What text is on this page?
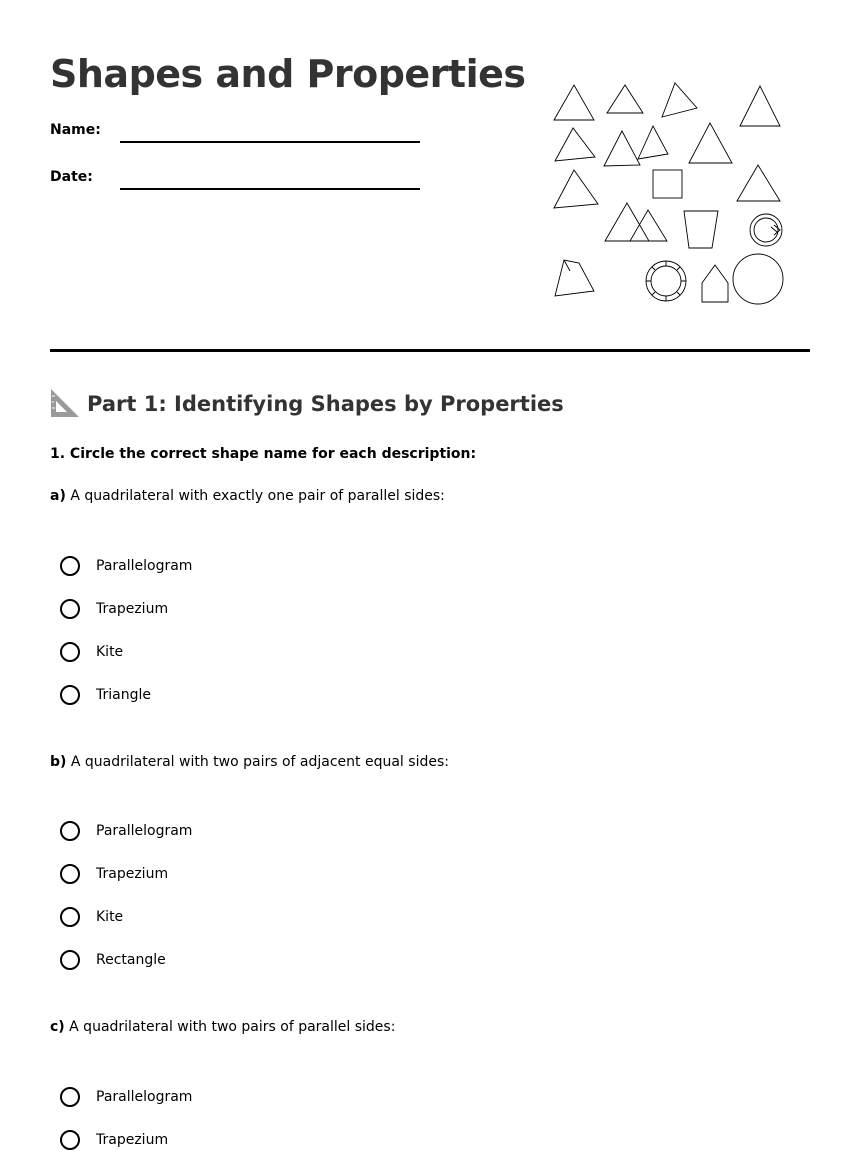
Shapes and Properties
Name:
Date:
Part 1: Identifying Shapes by Properties
1. Circle the correct shape name for each description:
a) A quadrilateral with exactly one pair of parallel sides:
Parallelogram
Trapezium
Kite
Triangle
b) A quadrilateral with two pairs of adjacent equal sides:
Parallelogram
Trapezium
Kite
Rectangle
c) A quadrilateral with two pairs of parallel sides:
Parallelogram
Trapezium
